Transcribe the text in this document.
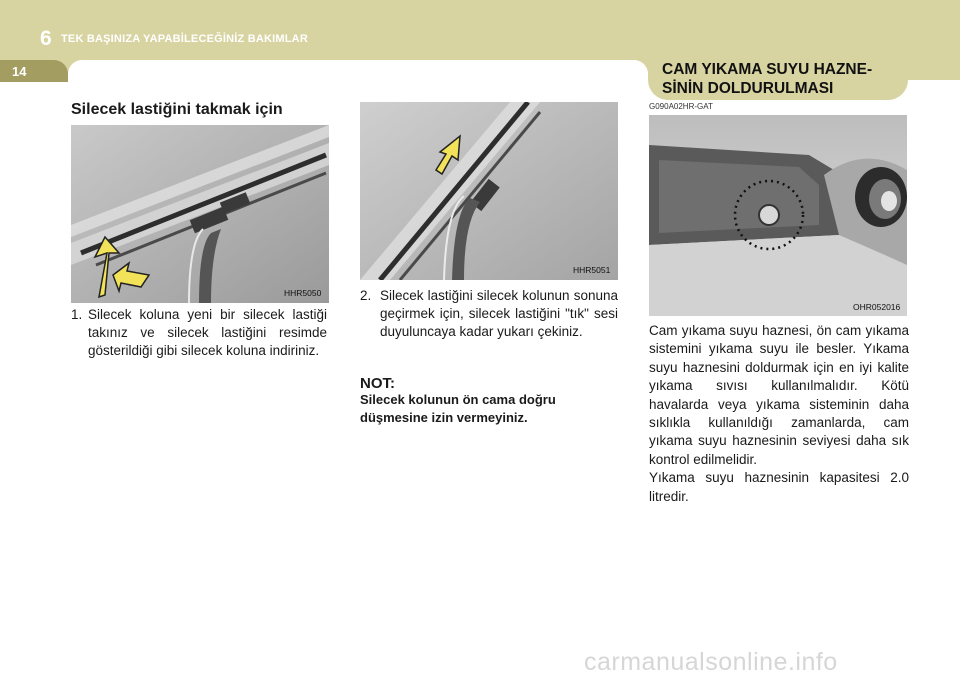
6 TEK BAŞINIZA YAPABİLECEĞİNİZ BAKIMLAR
14	CAM YIKAMA SUYU HAZNE-
SİNİN DOLDURULMASI
Silecek lastiğini takmak için
HHR5050
1. Silecek koluna yeni bir silecek lastiği takınız ve silecek lastiğini resimde gösterildiği gibi silecek koluna indiriniz.
HHR5051
2. Silecek lastiğini silecek kolunun sonuna geçirmek için, silecek lastiğini "tık" sesi duyuluncaya kadar yukarı çekiniz.
NOT:
Silecek kolunun ön cama doğru düşmesine izin vermeyiniz.
G090A02HR-GAT
OHR052016

Cam yıkama suyu haznesi, ön cam yıkama sistemini yıkama suyu ile besler. Yıkama suyu haznesini doldurmak için en iyi kalite yıkama sıvısı kullanılmalıdır. Kötü havalarda veya yıkama sisteminin daha sıklıkla kullanıldığı zamanlarda, cam yıkama suyu haznesinin seviyesi daha sık kontrol edilmelidir.

Yıkama suyu haznesinin kapasitesi 2.0 litredir.

carmanualsonline.info
